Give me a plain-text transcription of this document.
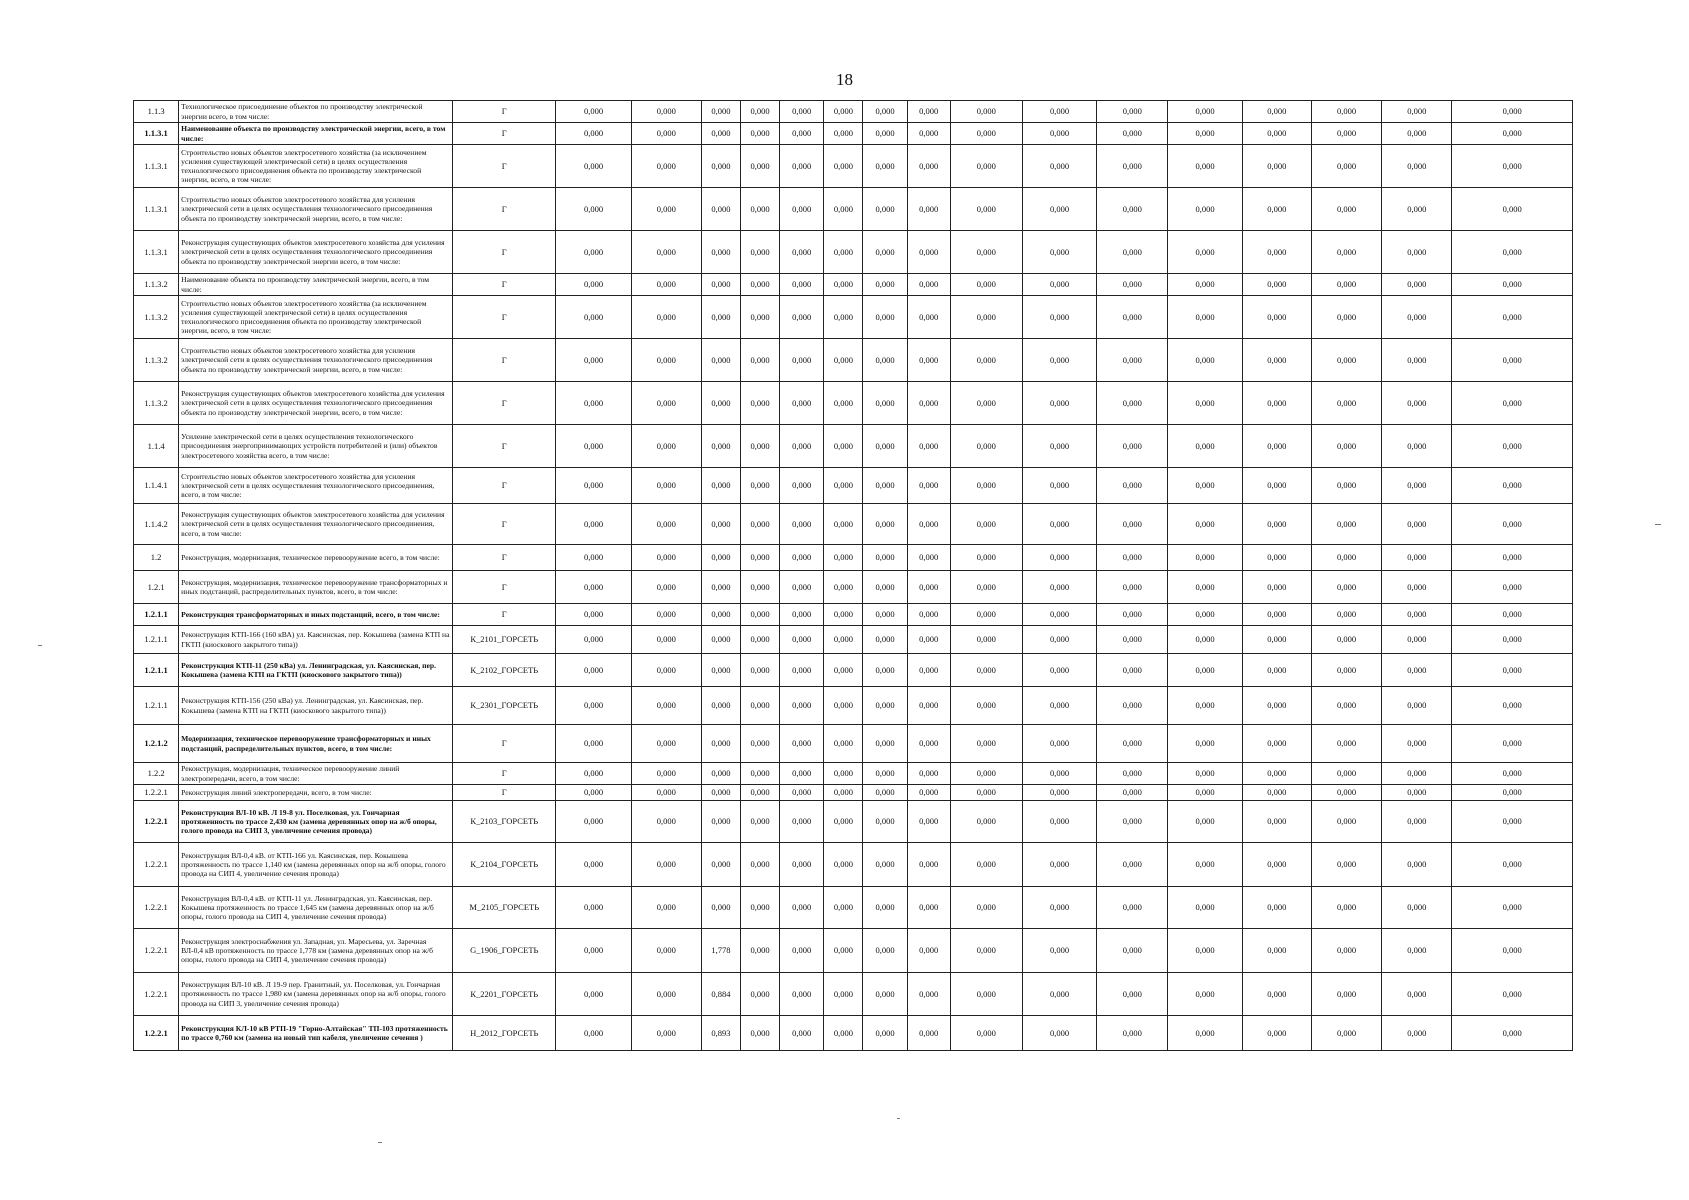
18
1.1.3	Технологическое присоединение объектов по производству электрической энергии всего, в том числе:	Г	0,000	0,000	0,000	0,000	0,000	0,000	0,000	0,000	0,000	0,000	0,000	0,000	0,000	0,000	0,000	0,000
1.1.3.1	Наименование объекта по производству электрической энергии, всего, в том числе:	Г	0,000	0,000	0,000	0,000	0,000	0,000	0,000	0,000	0,000	0,000	0,000	0,000	0,000	0,000	0,000	0,000
1.1.3.1	Строительство новых объектов электросетевого хозяйства (за исключением усиления существующей электрической сети) в целях осуществления технологического присоединения объекта по производству электрической энергии, всего, в том числе:	Г	0,000	0,000	0,000	0,000	0,000	0,000	0,000	0,000	0,000	0,000	0,000	0,000	0,000	0,000	0,000	0,000
1.1.3.1	Строительство новых объектов электросетевого хозяйства для усиления электрической сети в целях осуществления технологического присоединения объекта по производству электрической энергии, всего, в том числе:	Г	0,000	0,000	0,000	0,000	0,000	0,000	0,000	0,000	0,000	0,000	0,000	0,000	0,000	0,000	0,000	0,000
1.1.3.1	Реконструкция существующих объектов электросетевого хозяйства для усиления электрической сети в целях осуществления технологического присоединения объекта по производству электрической энергии всего, в том числе:	Г	0,000	0,000	0,000	0,000	0,000	0,000	0,000	0,000	0,000	0,000	0,000	0,000	0,000	0,000	0,000	0,000
1.1.3.2	Наименование объекта по производству электрической энергии, всего, в том числе:	Г	0,000	0,000	0,000	0,000	0,000	0,000	0,000	0,000	0,000	0,000	0,000	0,000	0,000	0,000	0,000	0,000
1.1.3.2	Строительство новых объектов электросетевого хозяйства (за исключением усиления существующей электрической сети) в целях осуществления технологического присоединения объекта по производству электрической энергии, всего, в том числе:	Г	0,000	0,000	0,000	0,000	0,000	0,000	0,000	0,000	0,000	0,000	0,000	0,000	0,000	0,000	0,000	0,000
1.1.3.2	Строительство новых объектов электросетевого хозяйства для усиления электрической сети в целях осуществления технологического присоединения объекта по производству электрической энергии, всего, в том числе:	Г	0,000	0,000	0,000	0,000	0,000	0,000	0,000	0,000	0,000	0,000	0,000	0,000	0,000	0,000	0,000	0,000
1.1.3.2	Реконструкция существующих объектов электросетевого хозяйства для усиления электрической сети в целях осуществления технологического присоединения объекта по производству электрической энергии, всего, в том числе:	Г	0,000	0,000	0,000	0,000	0,000	0,000	0,000	0,000	0,000	0,000	0,000	0,000	0,000	0,000	0,000	0,000
1.1.4	Усиление электрической сети в целях осуществления технологического присоединения энергопринимающих устройств потребителей и (или) объектов электросетевого хозяйства всего, в том числе:	Г	0,000	0,000	0,000	0,000	0,000	0,000	0,000	0,000	0,000	0,000	0,000	0,000	0,000	0,000	0,000	0,000
1.1.4.1	Строительство новых объектов электросетевого хозяйства для усиления электрической сети в целях осуществления технологического присоединения, всего, в том числе:	Г	0,000	0,000	0,000	0,000	0,000	0,000	0,000	0,000	0,000	0,000	0,000	0,000	0,000	0,000	0,000	0,000
1.1.4.2	Реконструкция существующих объектов электросетевого хозяйства для усиления электрической сети в целях осуществления технологического присоединения, всего, в том числе:	Г	0,000	0,000	0,000	0,000	0,000	0,000	0,000	0,000	0,000	0,000	0,000	0,000	0,000	0,000	0,000	0,000
1.2	Реконструкция, модернизация, техническое перевооружение всего, в том числе:	Г	0,000	0,000	0,000	0,000	0,000	0,000	0,000	0,000	0,000	0,000	0,000	0,000	0,000	0,000	0,000	0,000
1.2.1	Реконструкция, модернизация, техническое перевооружение трансформаторных и иных подстанций, распределительных пунктов, всего, в том числе:	Г	0,000	0,000	0,000	0,000	0,000	0,000	0,000	0,000	0,000	0,000	0,000	0,000	0,000	0,000	0,000	0,000
1.2.1.1	Реконструкция трансформаторных и иных подстанций, всего, в том числе:	Г	0,000	0,000	0,000	0,000	0,000	0,000	0,000	0,000	0,000	0,000	0,000	0,000	0,000	0,000	0,000	0,000
1.2.1.1	Реконструкция КТП-166 (160 кВА) ул. Каясинская, пер. Кокышева (замена КТП на ГКТП (киоскового закрытого типа))	К_2101_ГОРСЕТЬ	0,000	0,000	0,000	0,000	0,000	0,000	0,000	0,000	0,000	0,000	0,000	0,000	0,000	0,000	0,000	0,000
1.2.1.1	Реконструкция КТП-11 (250 кВа) ул. Ленинградская, ул. Каясинская, пер. Кокышева (замена КТП на ГКТП (киоскового закрытого типа))	К_2102_ГОРСЕТЬ	0,000	0,000	0,000	0,000	0,000	0,000	0,000	0,000	0,000	0,000	0,000	0,000	0,000	0,000	0,000	0,000
1.2.1.1	Реконструкция КТП-156 (250 кВа) ул. Ленинградская, ул. Каясинская, пер. Кокышева (замена КТП на ГКТП (киоскового закрытого типа))	К_2301_ГОРСЕТЬ	0,000	0,000	0,000	0,000	0,000	0,000	0,000	0,000	0,000	0,000	0,000	0,000	0,000	0,000	0,000	0,000
1.2.1.2	Модернизация, техническое перевооружение трансформаторных и иных подстанций, распределительных пунктов, всего, в том числе:	Г	0,000	0,000	0,000	0,000	0,000	0,000	0,000	0,000	0,000	0,000	0,000	0,000	0,000	0,000	0,000	0,000
1.2.2	Реконструкция, модернизация, техническое перевооружение линий электропередачи, всего, в том числе:	Г	0,000	0,000	0,000	0,000	0,000	0,000	0,000	0,000	0,000	0,000	0,000	0,000	0,000	0,000	0,000	0,000
1.2.2.1	Реконструкция линий электропередачи, всего, в том числе:	Г	0,000	0,000	0,000	0,000	0,000	0,000	0,000	0,000	0,000	0,000	0,000	0,000	0,000	0,000	0,000	0,000
1.2.2.1	Реконструкция ВЛ-10 кВ. Л 19-8 ул. Поселковая, ул. Гончарная протяженность по трассе 2,430 км (замена деревянных опор на ж/б опоры, голого провода на СИП 3, увеличение сечения провода)	К_2103_ГОРСЕТЬ	0,000	0,000	0,000	0,000	0,000	0,000	0,000	0,000	0,000	0,000	0,000	0,000	0,000	0,000	0,000	0,000
1.2.2.1	Реконструкция ВЛ-0,4 кВ. от КТП-166 ул. Каясинская, пер. Кокышева протяженность по трассе 1,140 км (замена деревянных опор на ж/б опоры, голого провода на СИП 4, увеличение сечения провода)	К_2104_ГОРСЕТЬ	0,000	0,000	0,000	0,000	0,000	0,000	0,000	0,000	0,000	0,000	0,000	0,000	0,000	0,000	0,000	0,000
1.2.2.1	Реконструкция ВЛ-0,4 кВ. от КТП-11 ул. Ленинградская, ул. Каясинская, пер. Кокышева протяженность по трассе 1,645 км (замена деревянных опор на ж/б опоры, голого провода на СИП 4, увеличение сечения провода)	М_2105_ГОРСЕТЬ	0,000	0,000	0,000	0,000	0,000	0,000	0,000	0,000	0,000	0,000	0,000	0,000	0,000	0,000	0,000	0,000
1.2.2.1	Реконструкция электроснабжения ул. Западная, ул. Маресьева, ул. Заречная ВЛ-0,4 кВ протяженность по трассе 1,778 км (замена деревянных опор на ж/б опоры, голого провода на СИП 4, увеличение сечения провода)	G_1906_ГОРСЕТЬ	0,000	0,000	1,778	0,000	0,000	0,000	0,000	0,000	0,000	0,000	0,000	0,000	0,000	0,000	0,000	0,000
1.2.2.1	Реконструкция ВЛ-10 кВ. Л 19-9 пер. Гранитный, ул. Поселковая, ул. Гончарная протяженность по трассе 1,980 км (замена деревянных опор на ж/б опоры, голого провода на СИП 3, увеличение сечения провода)	К_2201_ГОРСЕТЬ	0,000	0,000	0,884	0,000	0,000	0,000	0,000	0,000	0,000	0,000	0,000	0,000	0,000	0,000	0,000	0,000
1.2.2.1	Реконструкция КЛ-10 кВ РТП-19 "Горно-Алтайская" ТП-103 протяженность по трассе 0,760 км (замена на новый тип кабеля, увеличение сечения )	Н_2012_ГОРСЕТЬ	0,000	0,000	0,893	0,000	0,000	0,000	0,000	0,000	0,000	0,000	0,000	0,000	0,000	0,000	0,000	0,000
